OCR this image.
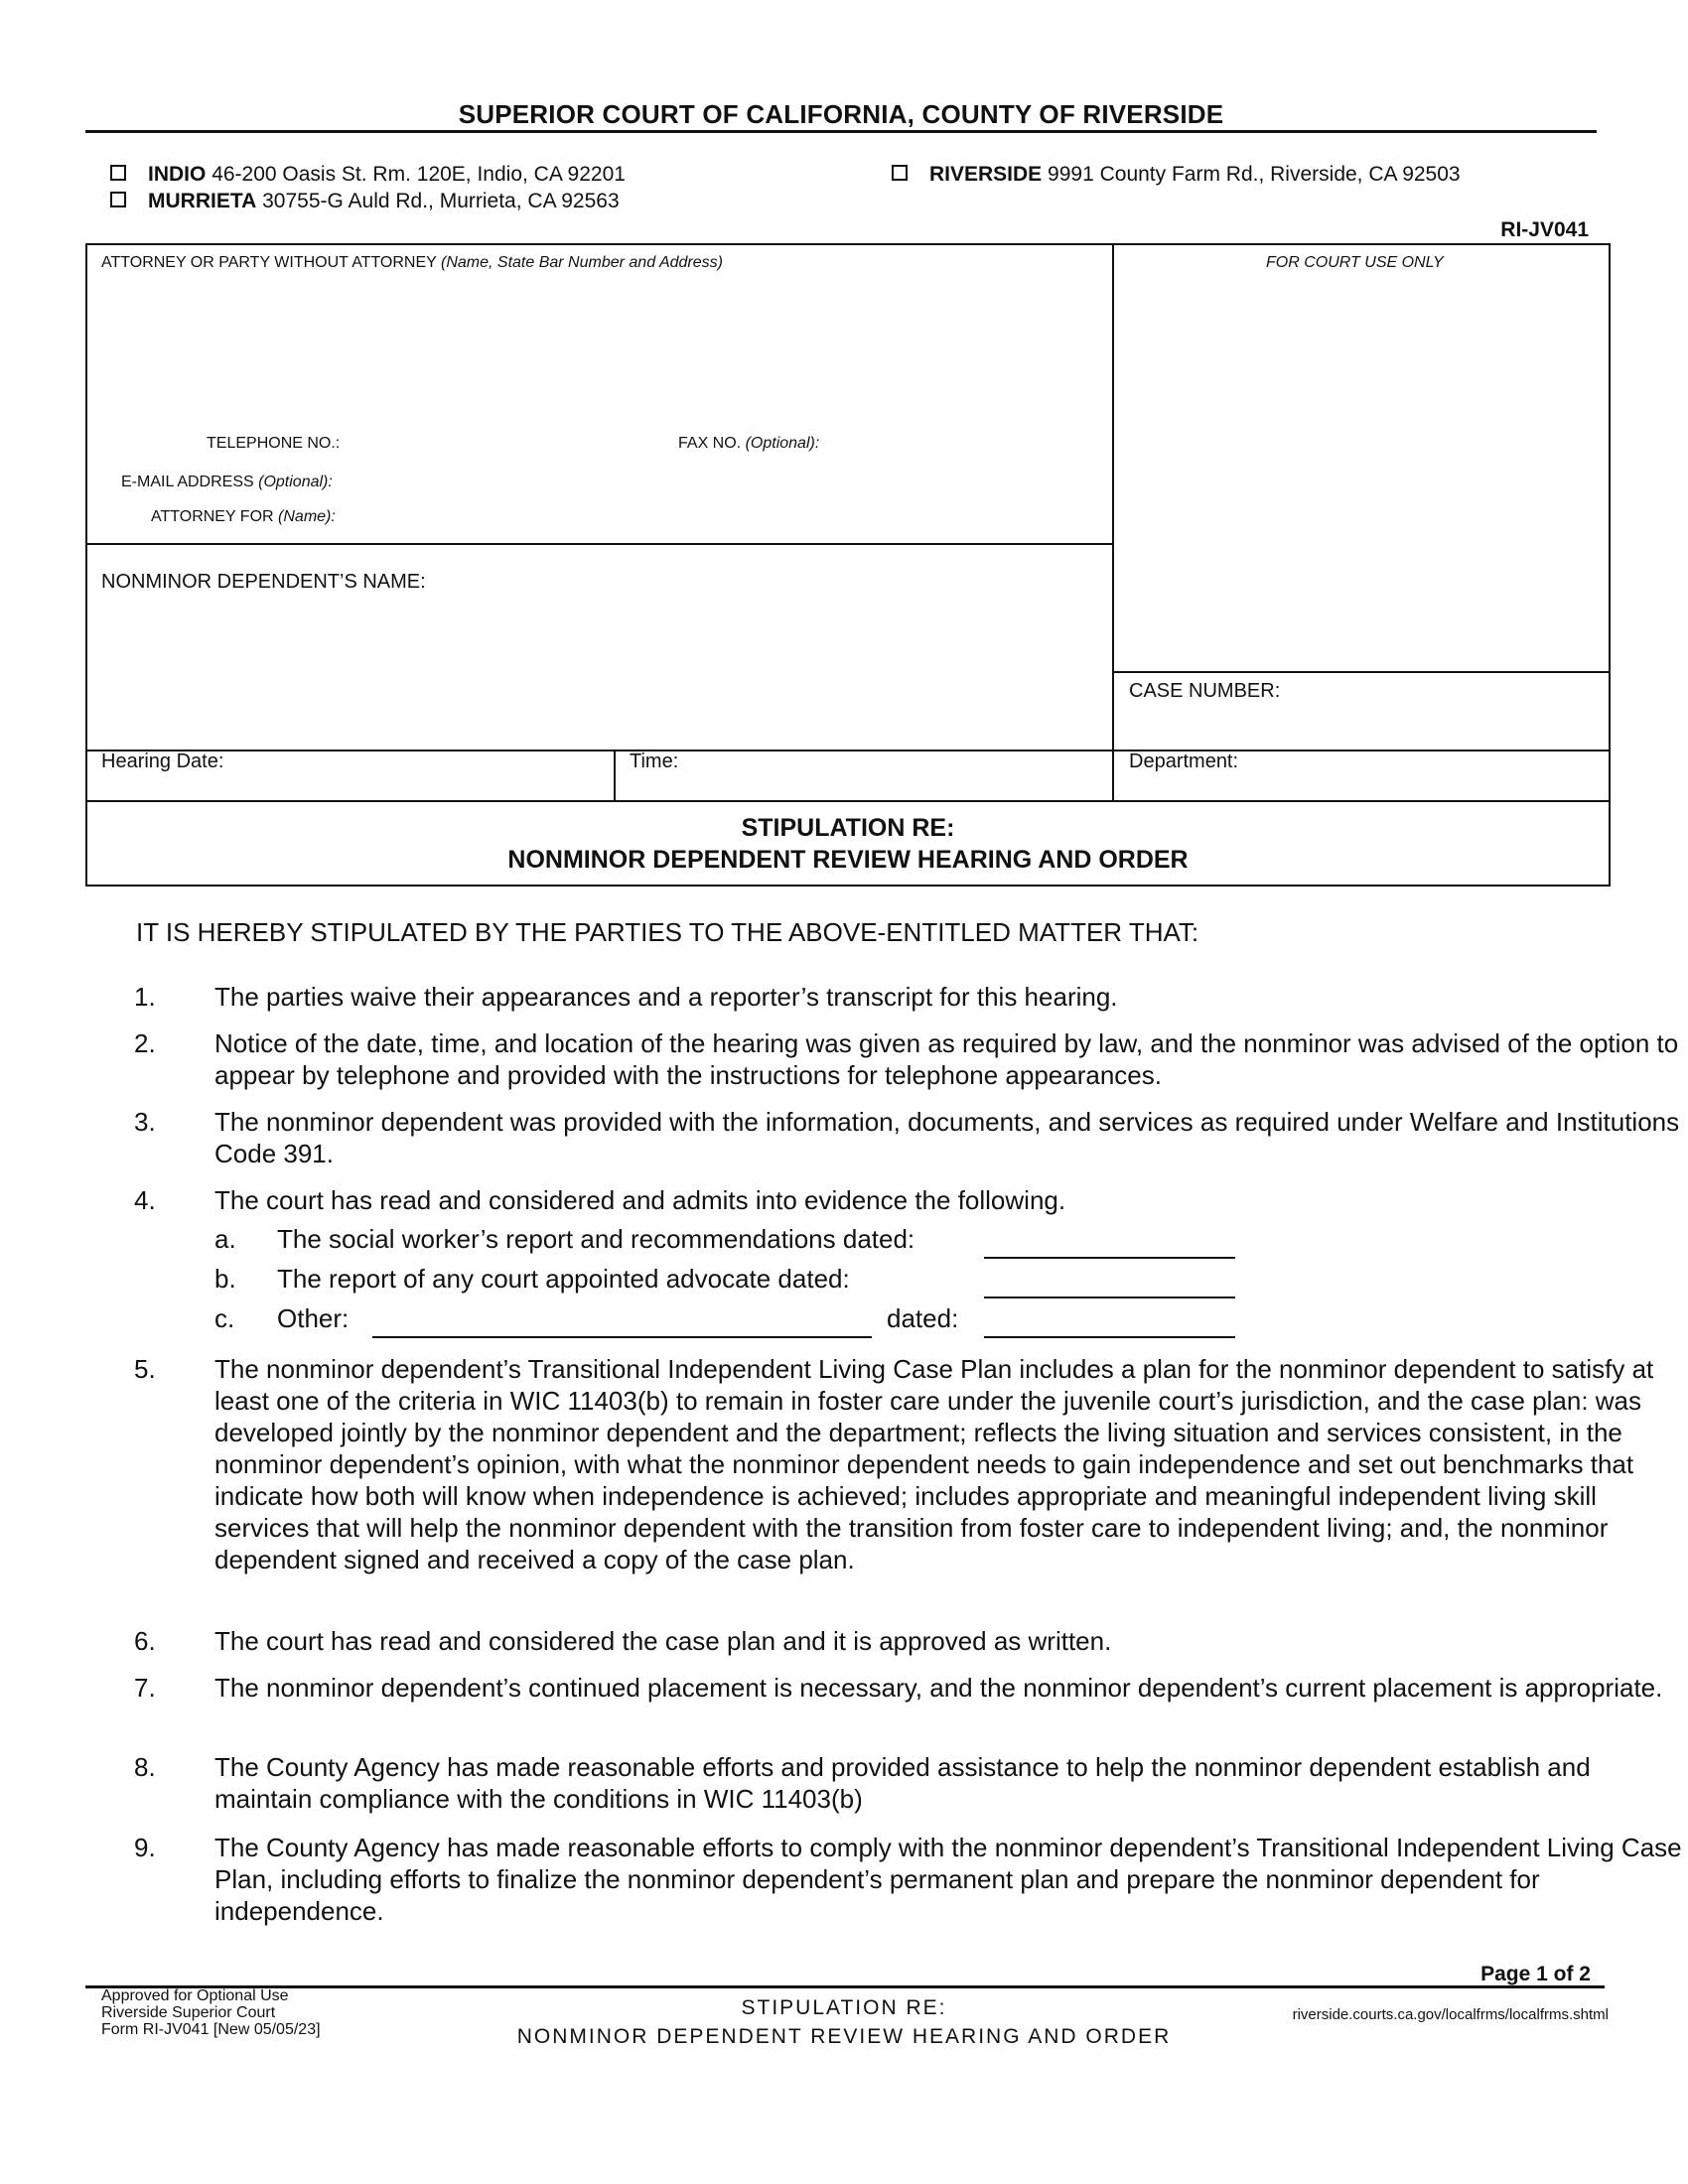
SUPERIOR COURT OF CALIFORNIA, COUNTY OF RIVERSIDE
INDIO 46-200 Oasis St. Rm. 120E, Indio, CA 92201
MURRIETA 30755-G Auld Rd., Murrieta, CA 92563
RIVERSIDE 9991 County Farm Rd., Riverside, CA 92503
RI-JV041
ATTORNEY OR PARTY WITHOUT ATTORNEY (Name, State Bar Number and Address)	FOR COURT USE ONLY
TELEPHONE NO.:	FAX NO. (Optional):
E-MAIL ADDRESS (Optional):
ATTORNEY FOR (Name):
NONMINOR DEPENDENT’S NAME:
CASE NUMBER:
Hearing Date:	Time:	Department:
STIPULATION RE:
NONMINOR DEPENDENT REVIEW HEARING AND ORDER
IT IS HEREBY STIPULATED BY THE PARTIES TO THE ABOVE-ENTITLED MATTER THAT:
1. The parties waive their appearances and a reporter’s transcript for this hearing.
2. Notice of the date, time, and location of the hearing was given as required by law, and the nonminor was advised of the option to appear by telephone and provided with the instructions for telephone appearances.
3. The nonminor dependent was provided with the information, documents, and services as required under Welfare and Institutions Code 391.
4. The court has read and considered and admits into evidence the following.
a. The social worker’s report and recommendations dated:
b. The report of any court appointed advocate dated:
c. Other:	dated:
5. The nonminor dependent’s Transitional Independent Living Case Plan includes a plan for the nonminor dependent to satisfy at least one of the criteria in WIC 11403(b) to remain in foster care under the juvenile court’s jurisdiction, and the case plan: was developed jointly by the nonminor dependent and the department; reflects the living situation and services consistent, in the nonminor dependent’s opinion, with what the nonminor dependent needs to gain independence and set out benchmarks that indicate how both will know when independence is achieved; includes appropriate and meaningful independent living skill services that will help the nonminor dependent with the transition from foster care to independent living; and, the nonminor dependent signed and received a copy of the case plan.
6. The court has read and considered the case plan and it is approved as written.
7. The nonminor dependent’s continued placement is necessary, and the nonminor dependent’s current placement is appropriate.
8. The County Agency has made reasonable efforts and provided assistance to help the nonminor dependent establish and maintain compliance with the conditions in WIC 11403(b)
9. The County Agency has made reasonable efforts to comply with the nonminor dependent’s Transitional Independent Living Case Plan, including efforts to finalize the nonminor dependent’s permanent plan and prepare the nonminor dependent for independence.
Page 1 of 2
Approved for Optional Use
Riverside Superior Court
Form RI-JV041 [New 05/05/23]
STIPULATION RE:
NONMINOR DEPENDENT REVIEW HEARING AND ORDER
riverside.courts.ca.gov/localfrms/localfrms.shtml
